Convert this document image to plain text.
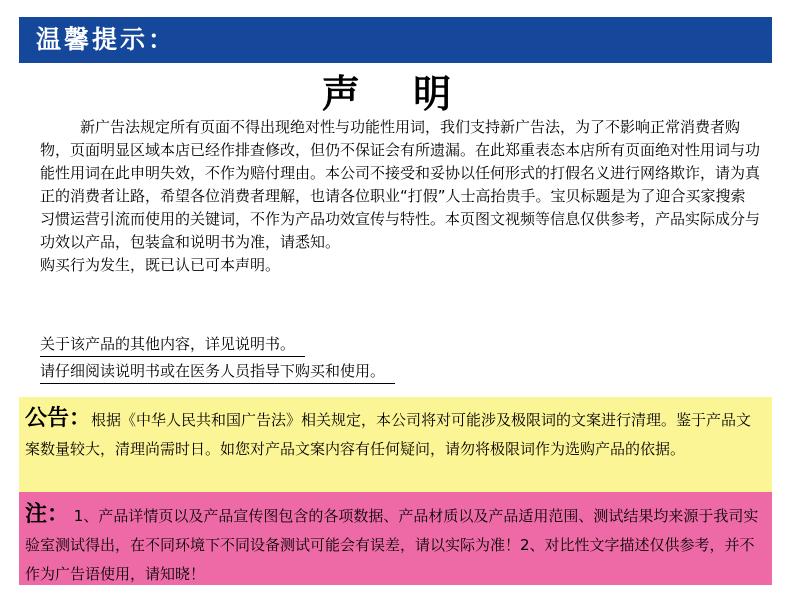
温馨提示：
声 明

新广告法规定所有页面不得出现绝对性与功能性用词，我们支持新广告法，为了不影响正常消费者购物，页面明显区域本店已经作排查修改，但仍不保证会有所遗漏。在此郑重表态本店所有页面绝对性用词与功能性用词在此申明失效，不作为赔付理由。本公司不接受和妥协以任何形式的打假名义进行网络欺诈，请为真正的消费者让路，希望各位消费者理解，也请各位职业“打假”人士高抬贵手。宝贝标题是为了迎合买家搜索习惯运营引流而使用的关键词，不作为产品功效宣传与特性。本页图文视频等信息仅供参考，产品实际成分与功效以产品，包装盒和说明书为准，请悉知。

购买行为发生，既已认已可本声明。

关于该产品的其他内容，详见说明书。
请仔细阅读说明书或在医务人员指导下购买和使用。
公告：根据《中华人民共和国广告法》相关规定，本公司将对可能涉及极限词的文案进行清理。鉴于产品文案数量较大，清理尚需时日。如您对产品文案内容有任何疑问，请勿将极限词作为选购产品的依据。
注： 1、产品详情页以及产品宣传图包含的各项数据、产品材质以及产品适用范围、测试结果均来源于我司实验室测试得出，在不同环境下不同设备测试可能会有误差，请以实际为准！2、对比性文字描述仅供参考，并不作为广告语使用，请知晓！
